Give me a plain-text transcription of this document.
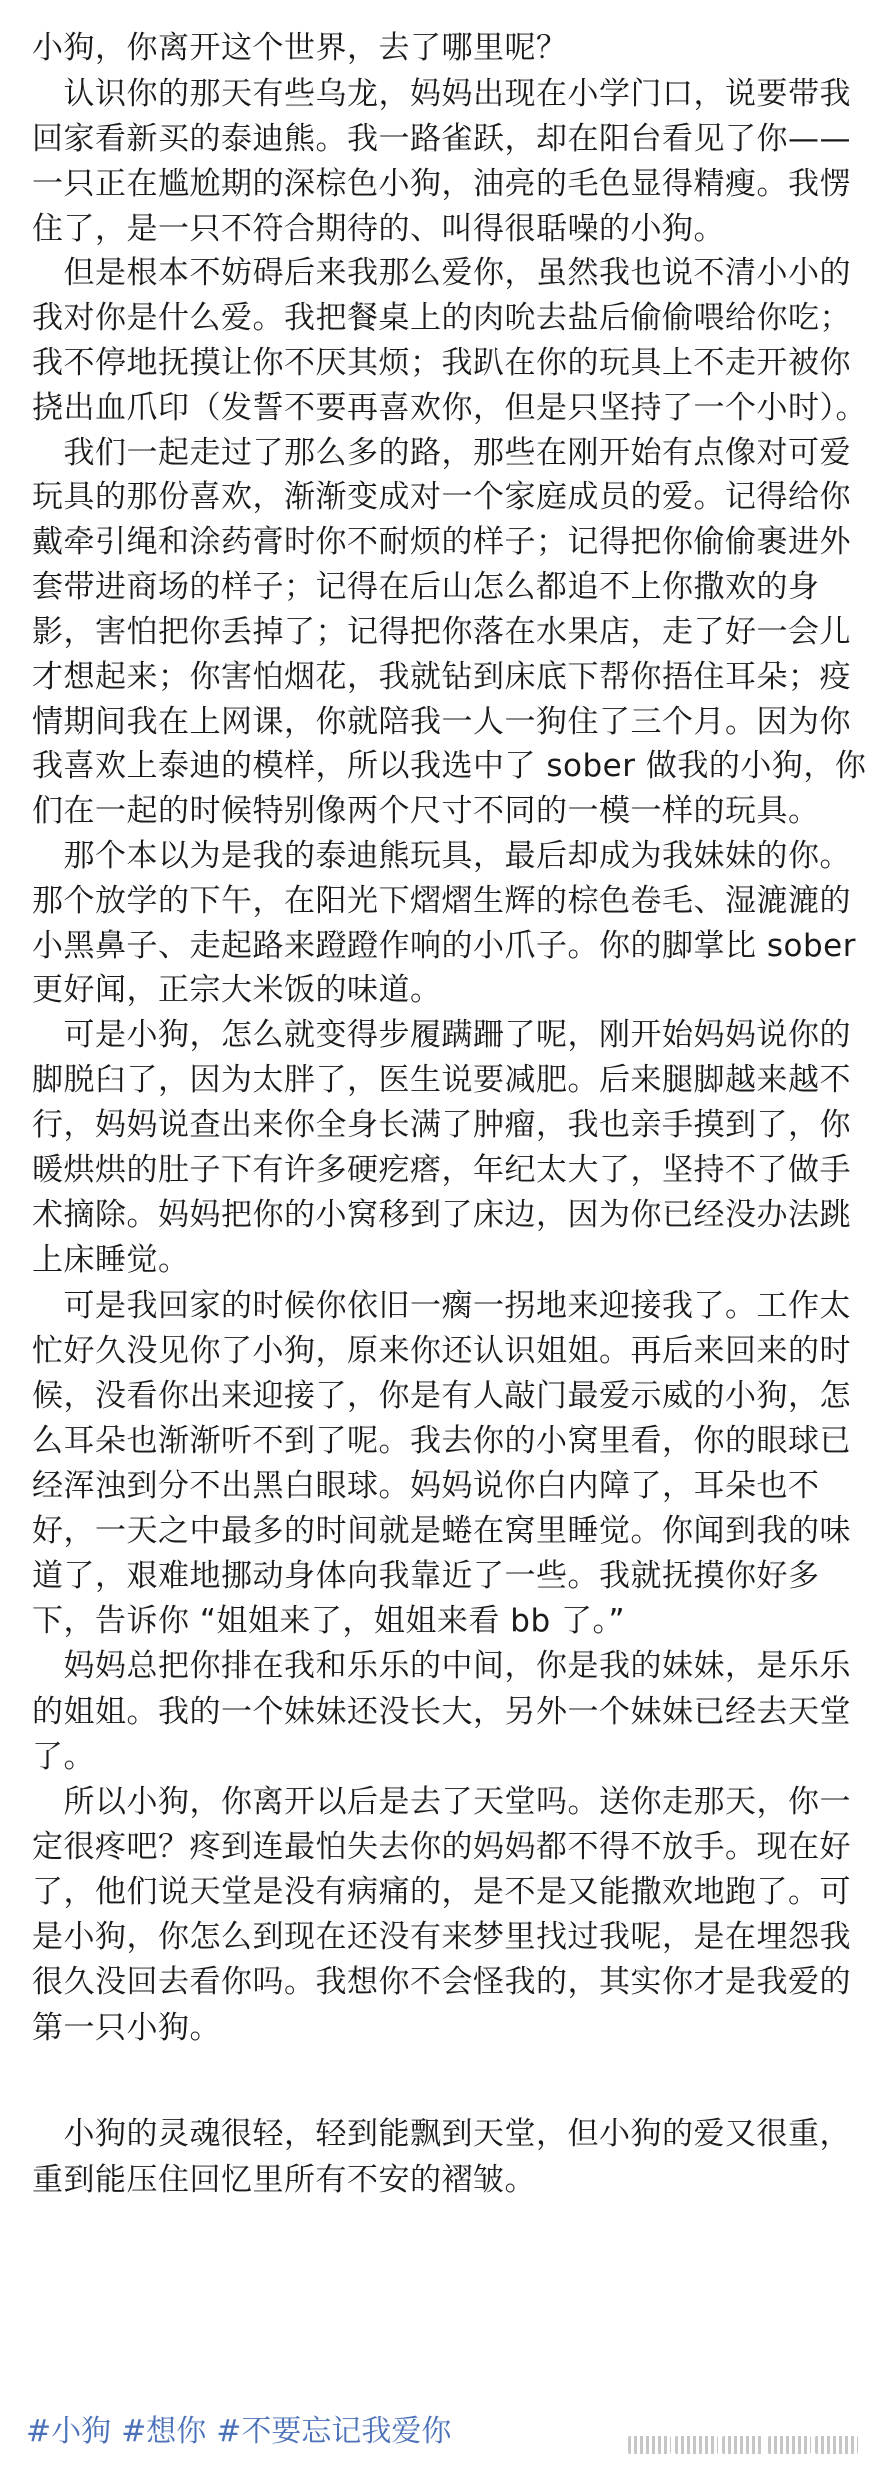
小狗，你离开这个世界，去了哪里呢？
　认识你的那天有些乌龙，妈妈出现在小学门口，说要带我
回家看新买的泰迪熊。我一路雀跃，却在阳台看见了你——
一只正在尴尬期的深棕色小狗，油亮的毛色显得精瘦。我愣
住了，是一只不符合期待的、叫得很聒噪的小狗。
　但是根本不妨碍后来我那么爱你，虽然我也说不清小小的
我对你是什么爱。我把餐桌上的肉吮去盐后偷偷喂给你吃；
我不停地抚摸让你不厌其烦；我趴在你的玩具上不走开被你
挠出血爪印（发誓不要再喜欢你，但是只坚持了一个小时）。
　我们一起走过了那么多的路，那些在刚开始有点像对可爱
玩具的那份喜欢，渐渐变成对一个家庭成员的爱。记得给你
戴牵引绳和涂药膏时你不耐烦的样子；记得把你偷偷裹进外
套带进商场的样子；记得在后山怎么都追不上你撒欢的身
影，害怕把你丢掉了；记得把你落在水果店，走了好一会儿
才想起来；你害怕烟花，我就钻到床底下帮你捂住耳朵；疫
情期间我在上网课，你就陪我一人一狗住了三个月。因为你
我喜欢上泰迪的模样，所以我选中了 sober 做我的小狗，你
们在一起的时候特别像两个尺寸不同的一模一样的玩具。
　那个本以为是我的泰迪熊玩具，最后却成为我妹妹的你。
那个放学的下午，在阳光下熠熠生辉的棕色卷毛、湿漉漉的
小黑鼻子、走起路来蹬蹬作响的小爪子。你的脚掌比 sober
更好闻，正宗大米饭的味道。
　可是小狗，怎么就变得步履蹒跚了呢，刚开始妈妈说你的
脚脱臼了，因为太胖了，医生说要减肥。后来腿脚越来越不
行，妈妈说查出来你全身长满了肿瘤，我也亲手摸到了，你
暖烘烘的肚子下有许多硬疙瘩，年纪太大了，坚持不了做手
术摘除。妈妈把你的小窝移到了床边，因为你已经没办法跳
上床睡觉。
　可是我回家的时候你依旧一瘸一拐地来迎接我了。工作太
忙好久没见你了小狗，原来你还认识姐姐。再后来回来的时
候，没看你出来迎接了，你是有人敲门最爱示威的小狗，怎
么耳朵也渐渐听不到了呢。我去你的小窝里看，你的眼球已
经浑浊到分不出黑白眼球。妈妈说你白内障了，耳朵也不
好，一天之中最多的时间就是蜷在窝里睡觉。你闻到我的味
道了，艰难地挪动身体向我靠近了一些。我就抚摸你好多
下，告诉你 “姐姐来了，姐姐来看 bb 了。”
　妈妈总把你排在我和乐乐的中间，你是我的妹妹，是乐乐
的姐姐。我的一个妹妹还没长大，另外一个妹妹已经去天堂
了。
　所以小狗，你离开以后是去了天堂吗。送你走那天，你一
定很疼吧？疼到连最怕失去你的妈妈都不得不放手。现在好
了，他们说天堂是没有病痛的，是不是又能撒欢地跑了。可
是小狗，你怎么到现在还没有来梦里找过我呢，是在埋怨我
很久没回去看你吗。我想你不会怪我的，其实你才是我爱的
第一只小狗。
　小狗的灵魂很轻，轻到能飘到天堂，但小狗的爱又很重，
重到能压住回忆里所有不安的褶皱。
#小狗 #想你 #不要忘记我爱你
